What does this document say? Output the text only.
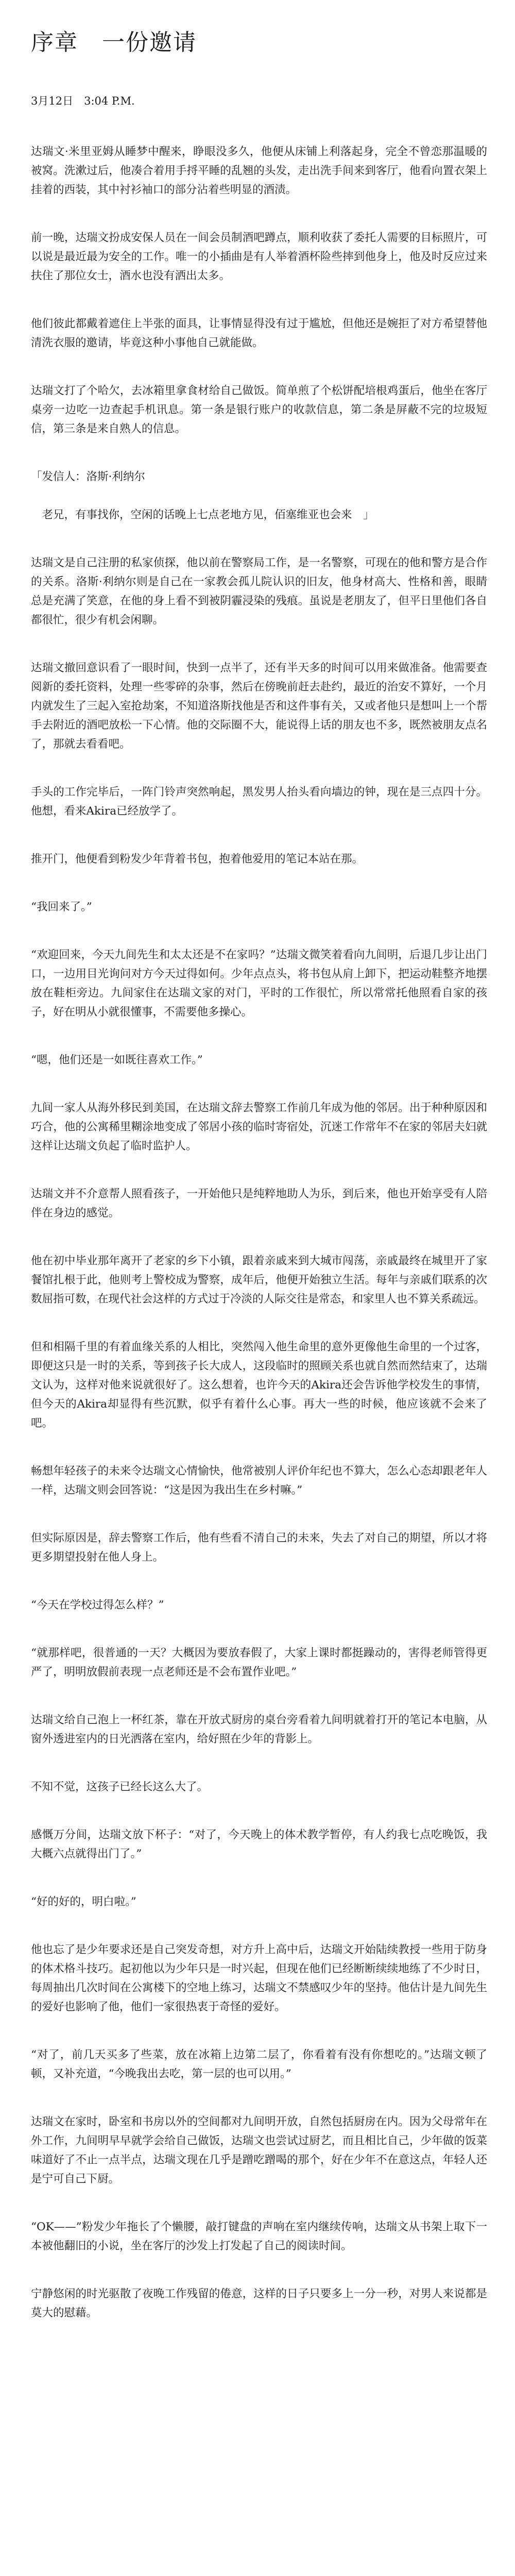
序章　一份邀请
3月12日　3:04 P.M.

达瑞文·米里亚姆从睡梦中醒来，睁眼没多久，他便从床铺上利落起身，完全不曾恋那温暖的被窝。洗漱过后，他凑合着用手捋平睡的乱翘的头发，走出洗手间来到客厅，他看向置衣架上挂着的西装，其中衬衫袖口的部分沾着些明显的酒渍。

前一晚，达瑞文扮成安保人员在一间会员制酒吧蹲点，顺利收获了委托人需要的目标照片，可以说是最近最为安全的工作。唯一的小插曲是有人举着酒杯险些摔到他身上，他及时反应过来扶住了那位女士，酒水也没有洒出太多。

他们彼此都戴着遮住上半张的面具，让事情显得没有过于尴尬，但他还是婉拒了对方希望替他清洗衣服的邀请，毕竟这种小事他自己就能做。

达瑞文打了个哈欠，去冰箱里拿食材给自己做饭。简单煎了个松饼配培根鸡蛋后，他坐在客厅桌旁一边吃一边查起手机讯息。第一条是银行账户的收款信息，第二条是屏蔽不完的垃圾短信，第三条是来自熟人的信息。

「发信人：洛斯·利纳尔

　老兄，有事找你，空闲的话晚上七点老地方见，佰塞维亚也会来　」

达瑞文是自己注册的私家侦探，他以前在警察局工作，是一名警察，可现在的他和警方是合作的关系。洛斯·利纳尔则是自己在一家教会孤儿院认识的旧友，他身材高大、性格和善，眼睛总是充满了笑意，在他的身上看不到被阴霾浸染的残痕。虽说是老朋友了，但平日里他们各自都很忙，很少有机会闲聊。

达瑞文撤回意识看了一眼时间，快到一点半了，还有半天多的时间可以用来做准备。他需要查阅新的委托资料，处理一些零碎的杂事，然后在傍晚前赶去赴约，最近的治安不算好，一个月内就发生了三起入室抢劫案，不知道洛斯找他是否和这件事有关，又或者他只是想叫上一个帮手去附近的酒吧放松一下心情。他的交际圈不大，能说得上话的朋友也不多，既然被朋友点名了，那就去看看吧。

手头的工作完毕后，一阵门铃声突然响起，黑发男人抬头看向墙边的钟，现在是三点四十分。他想，看来Akira已经放学了。

推开门，他便看到粉发少年背着书包，抱着他爱用的笔记本站在那。

“我回来了。”

“欢迎回来，今天九间先生和太太还是不在家吗？”达瑞文微笑着看向九间明，后退几步让出门口，一边用目光询问对方今天过得如何。少年点点头，将书包从肩上卸下，把运动鞋整齐地摆放在鞋柜旁边。九间家住在达瑞文家的对门，平时的工作很忙，所以常常托他照看自家的孩子，好在明从小就很懂事，不需要他多操心。

“嗯，他们还是一如既往喜欢工作。”

九间一家人从海外移民到美国，在达瑞文辞去警察工作前几年成为他的邻居。出于种种原因和巧合，他的公寓稀里糊涂地变成了邻居小孩的临时寄宿处，沉迷工作常年不在家的邻居夫妇就这样让达瑞文负起了临时监护人。

达瑞文并不介意帮人照看孩子，一开始他只是纯粹地助人为乐，到后来，他也开始享受有人陪伴在身边的感觉。

他在初中毕业那年离开了老家的乡下小镇，跟着亲戚来到大城市闯荡，亲戚最终在城里开了家餐馆扎根于此，他则考上警校成为警察，成年后，他便开始独立生活。每年与亲戚们联系的次数屈指可数，在现代社会这样的方式过于冷淡的人际交往是常态，和家里人也不算关系疏远。

但和相隔千里的有着血缘关系的人相比，突然闯入他生命里的意外更像他生命里的一个过客，即便这只是一时的关系，等到孩子长大成人，这段临时的照顾关系也就自然而然结束了，达瑞文认为，这样对他来说就很好了。这么想着，也许今天的Akira还会告诉他学校发生的事情，但今天的Akira却显得有些沉默，似乎有着什么心事。再大一些的时候，他应该就不会来了吧。

畅想年轻孩子的未来令达瑞文心情愉快，他常被别人评价年纪也不算大，怎么心态却跟老年人一样，达瑞文则会回答说：“这是因为我出生在乡村嘛。”

但实际原因是，辞去警察工作后，他有些看不清自己的未来，失去了对自己的期望，所以才将更多期望投射在他人身上。

“今天在学校过得怎么样？”

“就那样吧，很普通的一天？大概因为要放春假了，大家上课时都挺躁动的，害得老师管得更严了，明明放假前表现一点老师还是不会布置作业吧。”

达瑞文给自己泡上一杯红茶，靠在开放式厨房的桌台旁看着九间明就着打开的笔记本电脑，从窗外透进室内的日光洒落在室内，给好照在少年的背影上。

不知不觉，这孩子已经长这么大了。

感慨万分间，达瑞文放下杯子：“对了，今天晚上的体术教学暂停，有人约我七点吃晚饭，我大概六点就得出门了。”

“好的好的，明白啦。”

他也忘了是少年要求还是自己突发奇想，对方升上高中后，达瑞文开始陆续教授一些用于防身的体术格斗技巧。起初他以为少年只是一时兴起，但现在他们已经断断续续地练了不少时日，每周抽出几次时间在公寓楼下的空地上练习，达瑞文不禁感叹少年的坚持。他估计是九间先生的爱好也影响了他，他们一家很热衷于奇怪的爱好。

“对了，前几天买多了些菜，放在冰箱上边第二层了，你看着有没有你想吃的。”达瑞文顿了顿，又补充道，“今晚我出去吃，第一层的也可以用。”

达瑞文在家时，卧室和书房以外的空间都对九间明开放，自然包括厨房在内。因为父母常年在外工作，九间明早早就学会给自己做饭，达瑞文也尝试过厨艺，而且相比自己，少年做的饭菜味道好了不止一点半点，达瑞文现在几乎是蹭吃蹭喝的那个，好在少年不在意这点，年轻人还是宁可自己下厨。

“OK——”粉发少年拖长了个懒腰，敲打键盘的声响在室内继续传响，达瑞文从书架上取下一本被他翻旧的小说，坐在客厅的沙发上打发起了自己的阅读时间。

宁静悠闲的时光驱散了夜晚工作残留的倦意，这样的日子只要多上一分一秒，对男人来说都是莫大的慰藉。
